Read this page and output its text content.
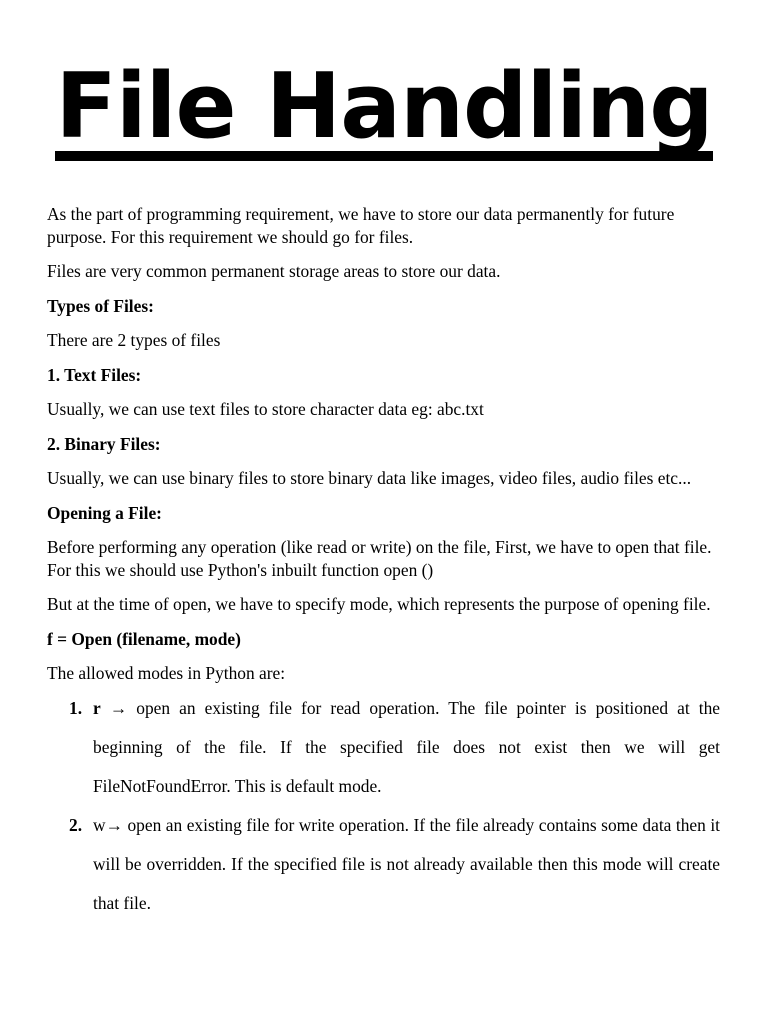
File Handling

As the part of programming requirement, we have to store our data permanently for future purpose. For this requirement we should go for files.

Files are very common permanent storage areas to store our data.

Types of Files:

There are 2 types of files

1. Text Files:

Usually, we can use text files to store character data eg: abc.txt

2. Binary Files:

Usually, we can use binary files to store binary data like images, video files, audio files etc...

Opening a File:

Before performing any operation (like read or write) on the file, First, we have to open that file. For this we should use Python's inbuilt function open ()

But at the time of open, we have to specify mode, which represents the purpose of opening file.

f = Open (filename, mode)

The allowed modes in Python are:

1. r → open an existing file for read operation. The file pointer is positioned at the beginning of the file. If the specified file does not exist then we will get FileNotFoundError. This is default mode.
2. w→ open an existing file for write operation. If the file already contains some data then it will be overridden. If the specified file is not already available then this mode will create that file.
